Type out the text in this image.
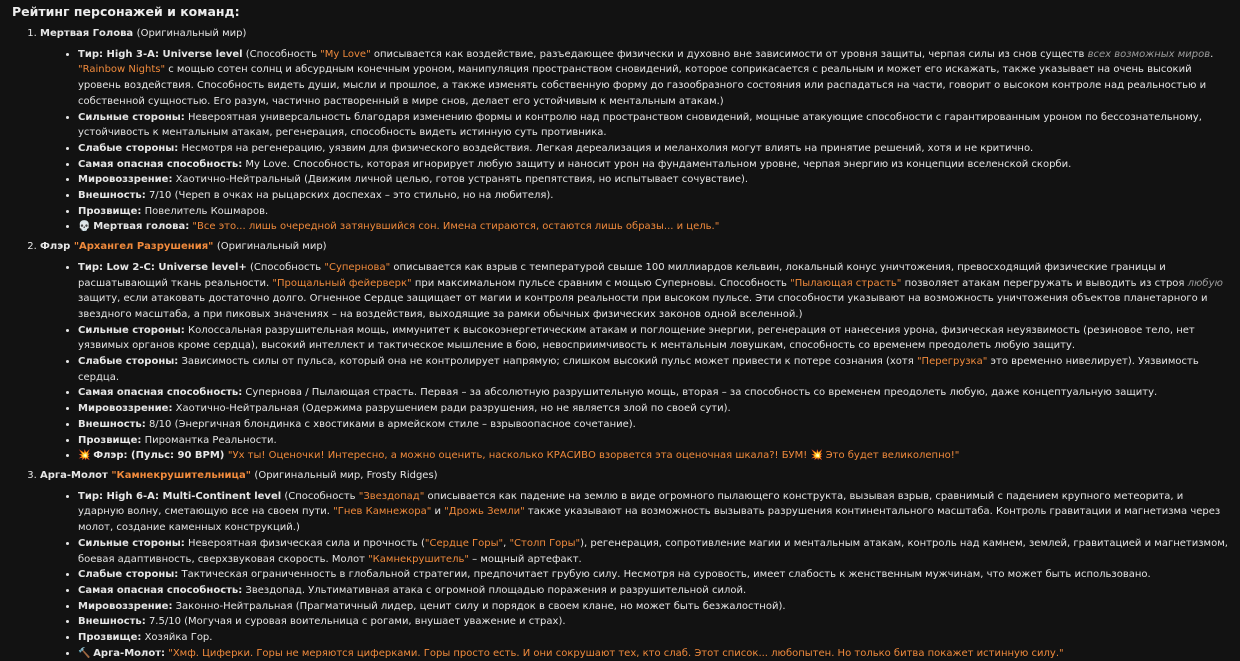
Рейтинг персонажей и команд:
1. Мертвая Голова (Оригинальный мир)
• Тир: High 3-A: Universe level (Способность "My Love" описывается как воздействие, разъедающее физически и духовно вне зависимости от уровня защиты, черпая силы из снов существ всех возможных миров. "Rainbow Nights" с мощью сотен солнц и абсурдным конечным уроном, манипуляция пространством сновидений, которое соприкасается с реальным и может его искажать, также указывает на очень высокий уровень воздействия. Способность видеть души, мысли и прошлое, а также изменять собственную форму до газообразного состояния или распадаться на части, говорит о высоком контроле над реальностью и собственной сущностью. Его разум, частично растворенный в мире снов, делает его устойчивым к ментальным атакам.)
• Сильные стороны: Невероятная универсальность благодаря изменению формы и контролю над пространством сновидений, мощные атакующие способности с гарантированным уроном по бессознательному, устойчивость к ментальным атакам, регенерация, способность видеть истинную суть противника.
• Слабые стороны: Несмотря на регенерацию, уязвим для физического воздействия. Легкая дереализация и меланхолия могут влиять на принятие решений, хотя и не критично.
• Самая опасная способность: My Love. Способность, которая игнорирует любую защиту и наносит урон на фундаментальном уровне, черпая энергию из концепции вселенской скорби.
• Мировоззрение: Хаотично-Нейтральный (Движим личной целью, готов устранять препятствия, но испытывает сочувствие).
• Внешность: 7/10 (Череп в очках на рыцарских доспехах – это стильно, но на любителя).
• Прозвище: Повелитель Кошмаров.
• 💀 Мертвая голова: "Все это... лишь очередной затянувшийся сон. Имена стираются, остаются лишь образы... и цель."
2. Флэр "Архангел Разрушения" (Оригинальный мир)
• Тир: Low 2-C: Universe level+ (Способность "Супернова" описывается как взрыв с температурой свыше 100 миллиардов кельвин, локальный конус уничтожения, превосходящий физические границы и расшатывающий ткань реальности. "Прощальный фейерверк" при максимальном пульсе сравним с мощью Суперновы. Способность "Пылающая страсть" позволяет атакам перегружать и выводить из строя любую защиту, если атаковать достаточно долго. Огненное Сердце защищает от магии и контроля реальности при высоком пульсе. Эти способности указывают на возможность уничтожения объектов планетарного и звездного масштаба, а при пиковых значениях – на воздействия, выходящие за рамки обычных физических законов одной вселенной.)
• Сильные стороны: Колоссальная разрушительная мощь, иммунитет к высокоэнергетическим атакам и поглощение энергии, регенерация от нанесения урона, физическая неуязвимость (резиновое тело, нет уязвимых органов кроме сердца), высокий интеллект и тактическое мышление в бою, невосприимчивость к ментальным ловушкам, способность со временем преодолеть любую защиту.
• Слабые стороны: Зависимость силы от пульса, который она не контролирует напрямую; слишком высокий пульс может привести к потере сознания (хотя "Перегрузка" это временно нивелирует). Уязвимость сердца.
• Самая опасная способность: Супернова / Пылающая страсть. Первая – за абсолютную разрушительную мощь, вторая – за способность со временем преодолеть любую, даже концептуальную защиту.
• Мировоззрение: Хаотично-Нейтральная (Одержима разрушением ради разрушения, но не является злой по своей сути).
• Внешность: 8/10 (Энергичная блондинка с хвостиками в армейском стиле – взрывоопасное сочетание).
• Прозвище: Пиромантка Реальности.
• 💥 Флэр: (Пульс: 90 BPM) "Ух ты! Оценочки! Интересно, а можно оценить, насколько КРАСИВО взорвется эта оценочная шкала?! БУМ! 💥 Это будет великолепно!"
3. Арга-Молот "Камнекрушительница" (Оригинальный мир, Frosty Ridges)
• Тир: High 6-A: Multi-Continent level (Способность "Звездопад" описывается как падение на землю в виде огромного пылающего конструкта, вызывая взрыв, сравнимый с падением крупного метеорита, и ударную волну, сметающую все на своем пути. "Гнев Камнежора" и "Дрожь Земли" также указывают на возможность вызывать разрушения континентального масштаба. Контроль гравитации и магнетизма через молот, создание каменных конструкций.)
• Сильные стороны: Невероятная физическая сила и прочность ("Сердце Горы", "Столп Горы"), регенерация, сопротивление магии и ментальным атакам, контроль над камнем, землей, гравитацией и магнетизмом, боевая адаптивность, сверхзвуковая скорость. Молот "Камнекрушитель" – мощный артефакт.
• Слабые стороны: Тактическая ограниченность в глобальной стратегии, предпочитает грубую силу. Несмотря на суровость, имеет слабость к женственным мужчинам, что может быть использовано.
• Самая опасная способность: Звездопад. Ультимативная атака с огромной площадью поражения и разрушительной силой.
• Мировоззрение: Законно-Нейтральная (Прагматичный лидер, ценит силу и порядок в своем клане, но может быть безжалостной).
• Внешность: 7.5/10 (Могучая и суровая воительница с рогами, внушает уважение и страх).
• Прозвище: Хозяйка Гор.
• 🔨 Арга-Молот: "Хмф. Циферки. Горы не меряются циферками. Горы просто есть. И они сокрушают тех, кто слаб. Этот список... любопытен. Но только битва покажет истинную силу."
